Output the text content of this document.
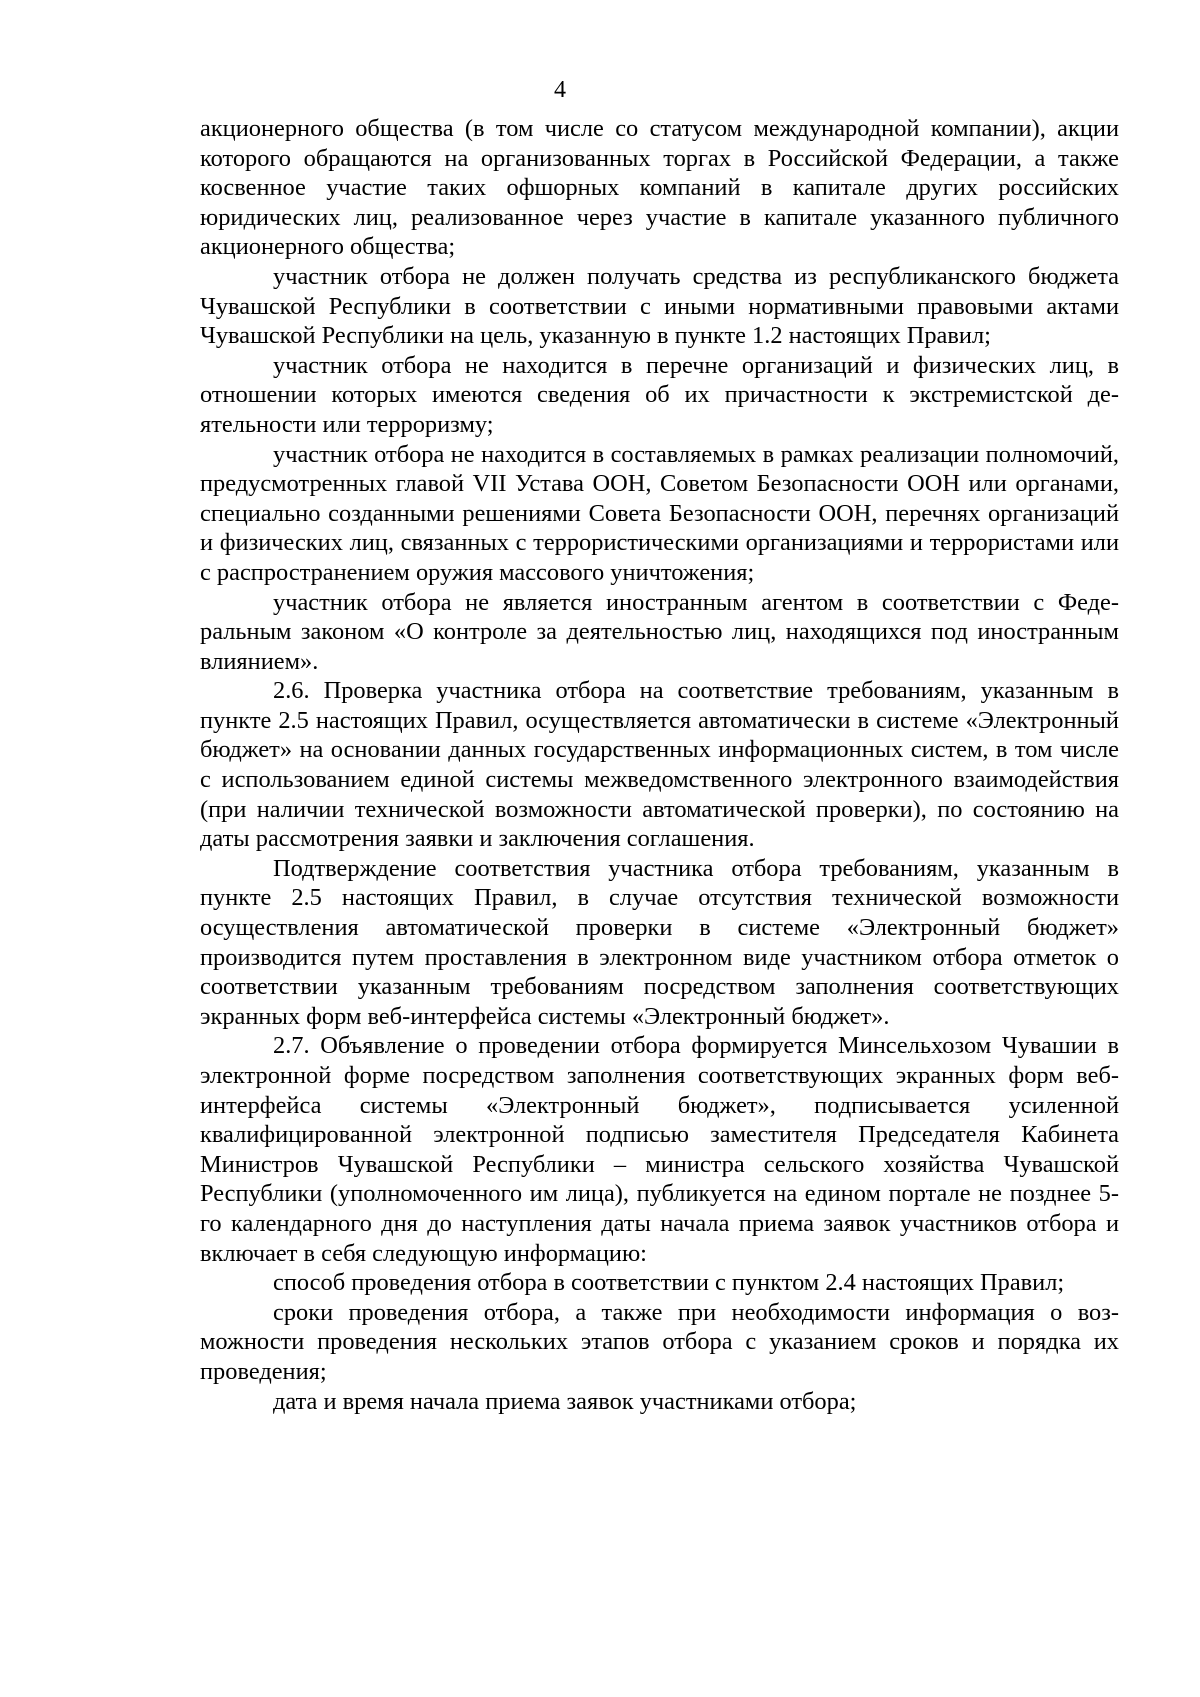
4

акционерного общества (в том числе со статусом международной компании), акции которого обращаются на организованных торгах в Российской Федерации, а также косвенное участие таких офшорных компаний в капитале других российских юридических лиц, реализованное через участие в капитале указанного публичного акционерного общества;

участник отбора не должен получать средства из республиканского бюджета Чувашской Республики в соответствии с иными нормативными правовыми актами Чувашской Республики на цель, указанную в пункте 1.2 настоящих Правил;

участник отбора не находится в перечне организаций и физических лиц, в отношении которых имеются сведения об их причастности к экстремистской деятельности или терроризму;

участник отбора не находится в составляемых в рамках реализации полномочий, предусмотренных главой VII Устава ООН, Советом Безопасности ООН или органами, специально созданными решениями Совета Безопасности ООН, перечнях организаций и физических лиц, связанных с террористическими организациями и террористами или с распространением оружия массового уничтожения;

участник отбора не является иностранным агентом в соответствии с Федеральным законом «О контроле за деятельностью лиц, находящихся под иностранным влиянием».

2.6. Проверка участника отбора на соответствие требованиям, указанным в пункте 2.5 настоящих Правил, осуществляется автоматически в системе «Электронный бюджет» на основании данных государственных информационных систем, в том числе с использованием единой системы межведомственного электронного взаимодействия (при наличии технической возможности автоматической проверки), по состоянию на даты рассмотрения заявки и заключения соглашения.

Подтверждение соответствия участника отбора требованиям, указанным в пункте 2.5 настоящих Правил, в случае отсутствия технической возможности осуществления автоматической проверки в системе «Электронный бюджет» производится путем проставления в электронном виде участником отбора отметок о соответствии указанным требованиям посредством заполнения соответствующих экранных форм веб-интерфейса системы «Электронный бюджет».

2.7. Объявление о проведении отбора формируется Минсельхозом Чувашии в электронной форме посредством заполнения соответствующих экранных форм веб-интерфейса системы «Электронный бюджет», подписывается усиленной квалифицированной электронной подписью заместителя Председателя Кабинета Министров Чувашской Республики – министра сельского хозяйства Чувашской Республики (уполномоченного им лица), публикуется на едином портале не позднее 5-го календарного дня до наступления даты начала приема заявок участников отбора и включает в себя следующую информацию:

способ проведения отбора в соответствии с пунктом 2.4 настоящих Правил;

сроки проведения отбора, а также при необходимости информация о возможности проведения нескольких этапов отбора с указанием сроков и порядка их проведения;

дата и время начала приема заявок участниками отбора;
